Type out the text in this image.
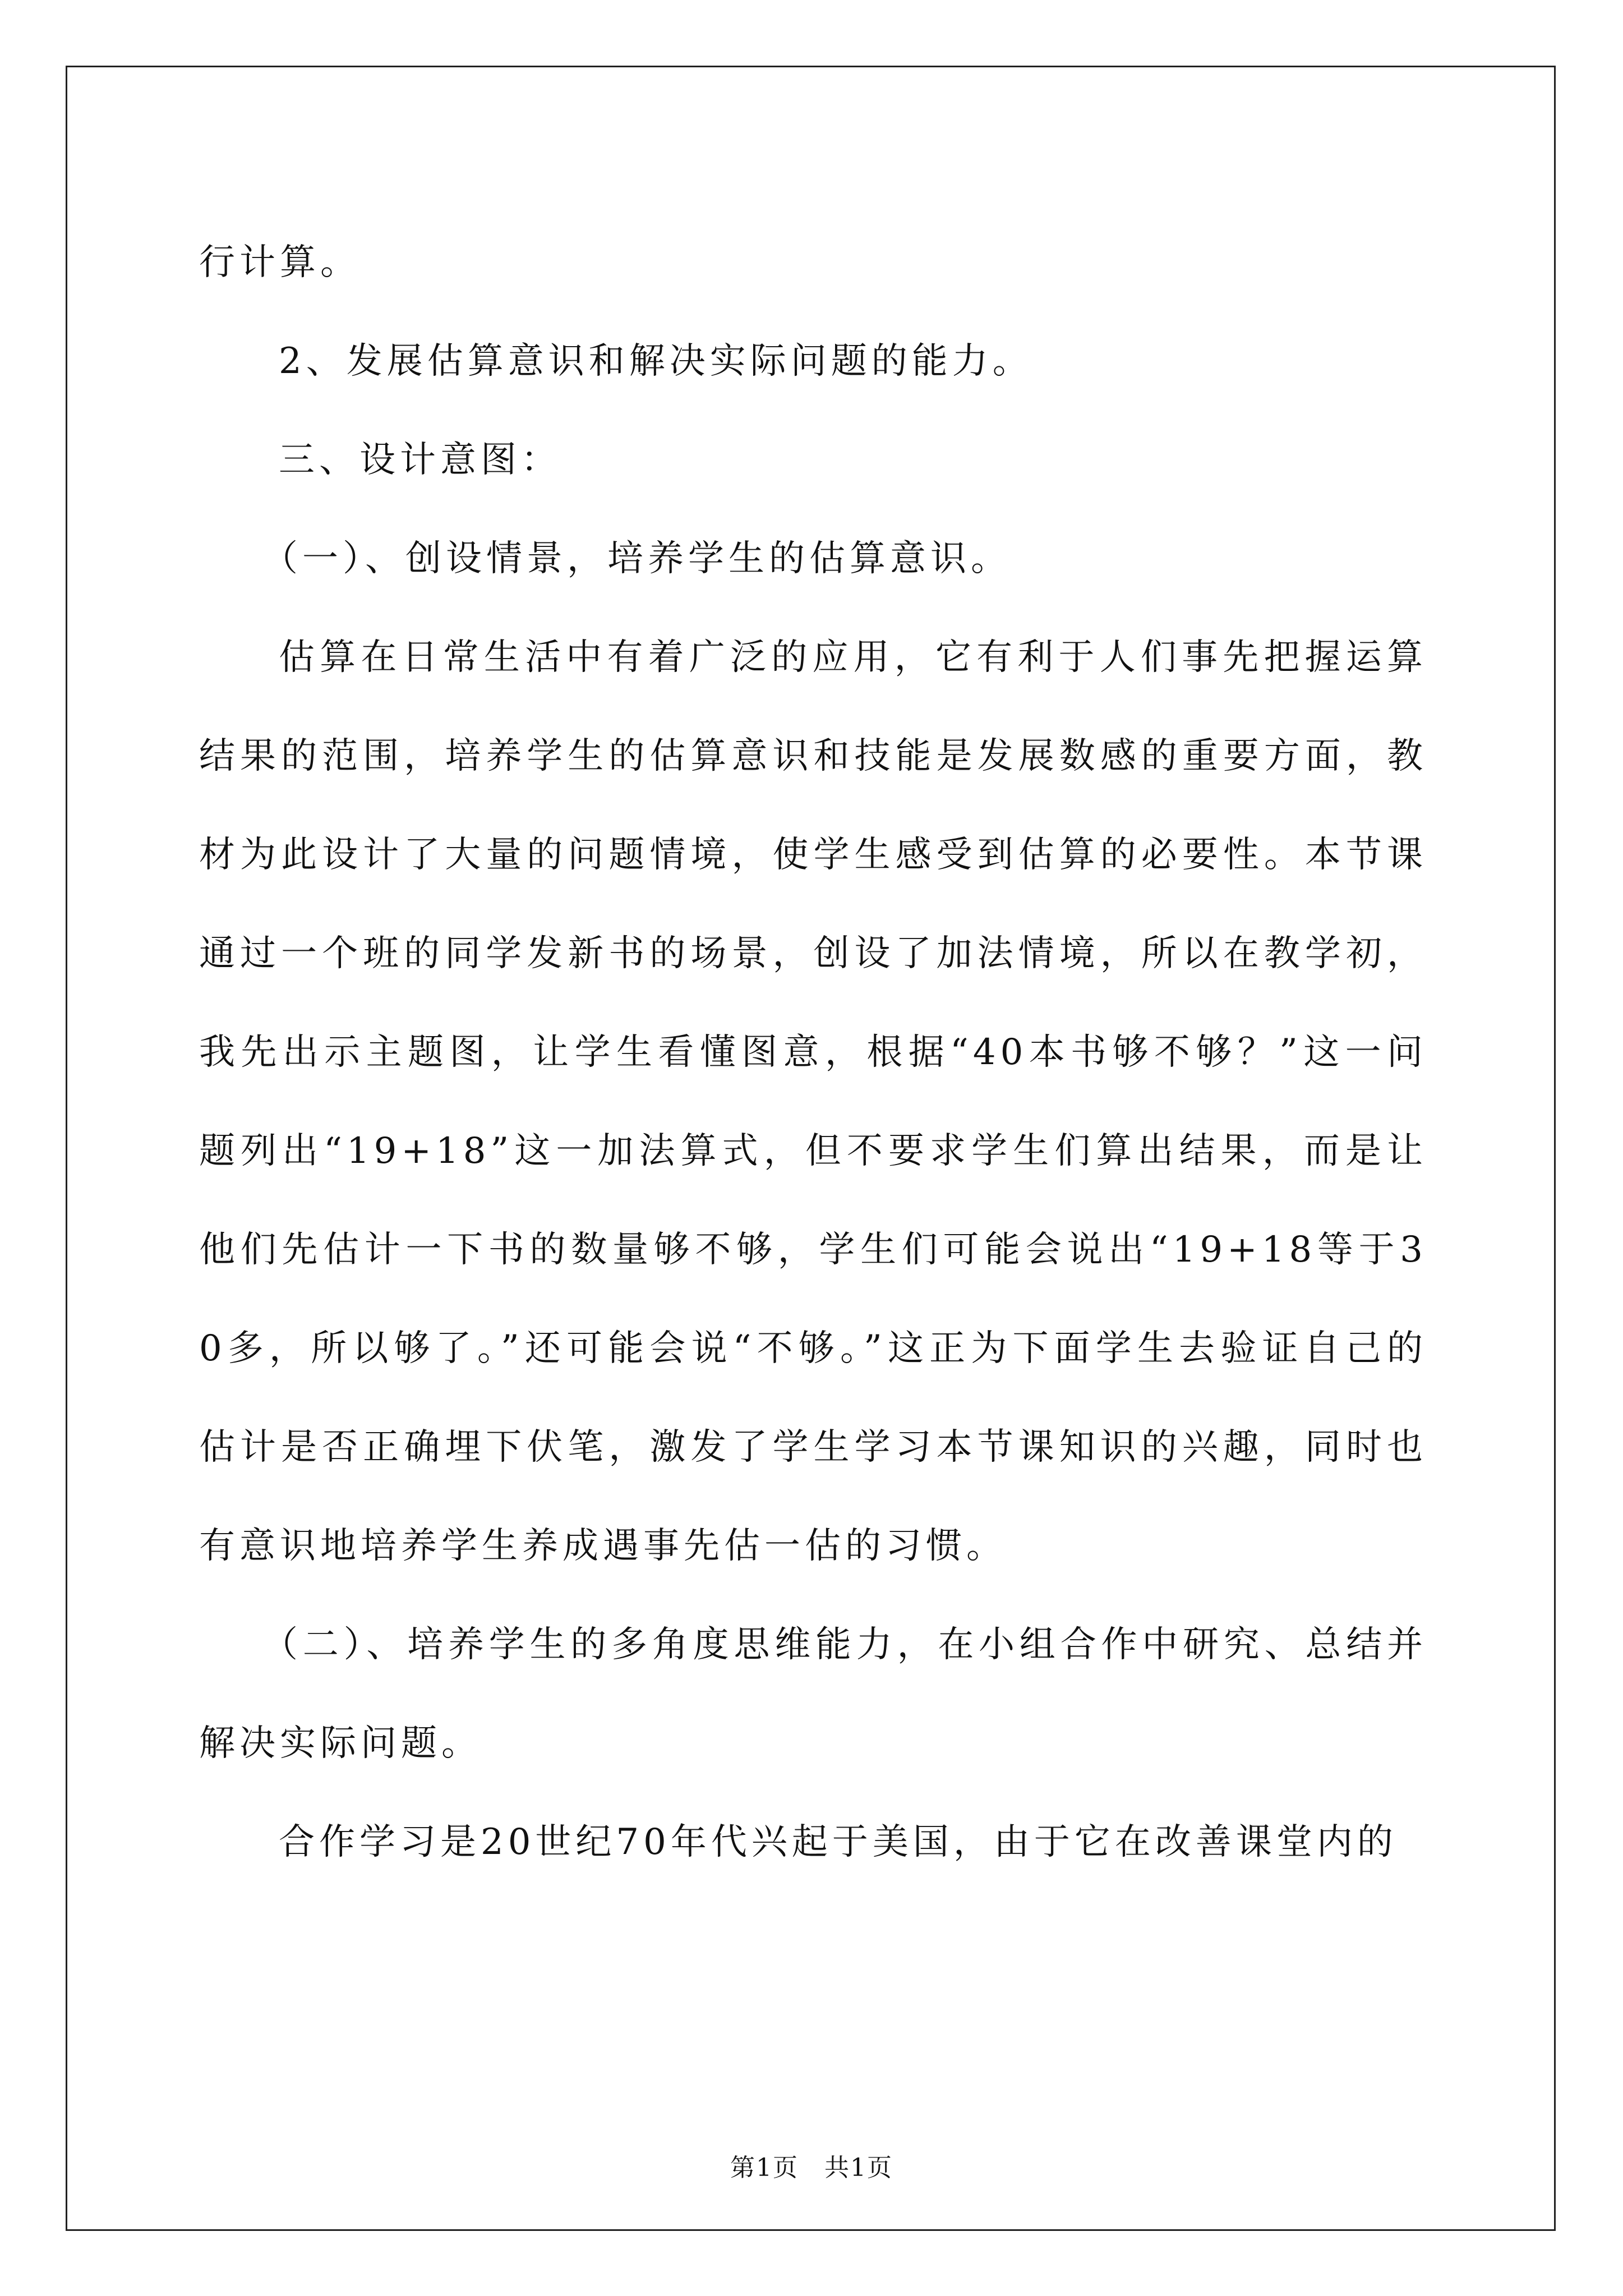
行计算。

2、发展估算意识和解决实际问题的能力。

三、设计意图：

（一）、创设情景，培养学生的估算意识。

估算在日常生活中有着广泛的应用，它有利于人们事先把握运算结果的范围，培养学生的估算意识和技能是发展数感的重要方面，教材为此设计了大量的问题情境，使学生感受到估算的必要性。本节课通过一个班的同学发新书的场景，创设了加法情境，所以在教学初，我先出示主题图，让学生看懂图意，根据“40本书够不够？”这一问题列出“19+18”这一加法算式，但不要求学生们算出结果，而是让他们先估计一下书的数量够不够，学生们可能会说出“19+18等于30多，所以够了。”还可能会说“不够。”这正为下面学生去验证自己的估计是否正确埋下伏笔，激发了学生学习本节课知识的兴趣，同时也有意识地培养学生养成遇事先估一估的习惯。

（二）、培养学生的多角度思维能力，在小组合作中研究、总结并解决实际问题。

合作学习是20世纪70年代兴起于美国，由于它在改善课堂内的

第1页　共1页
